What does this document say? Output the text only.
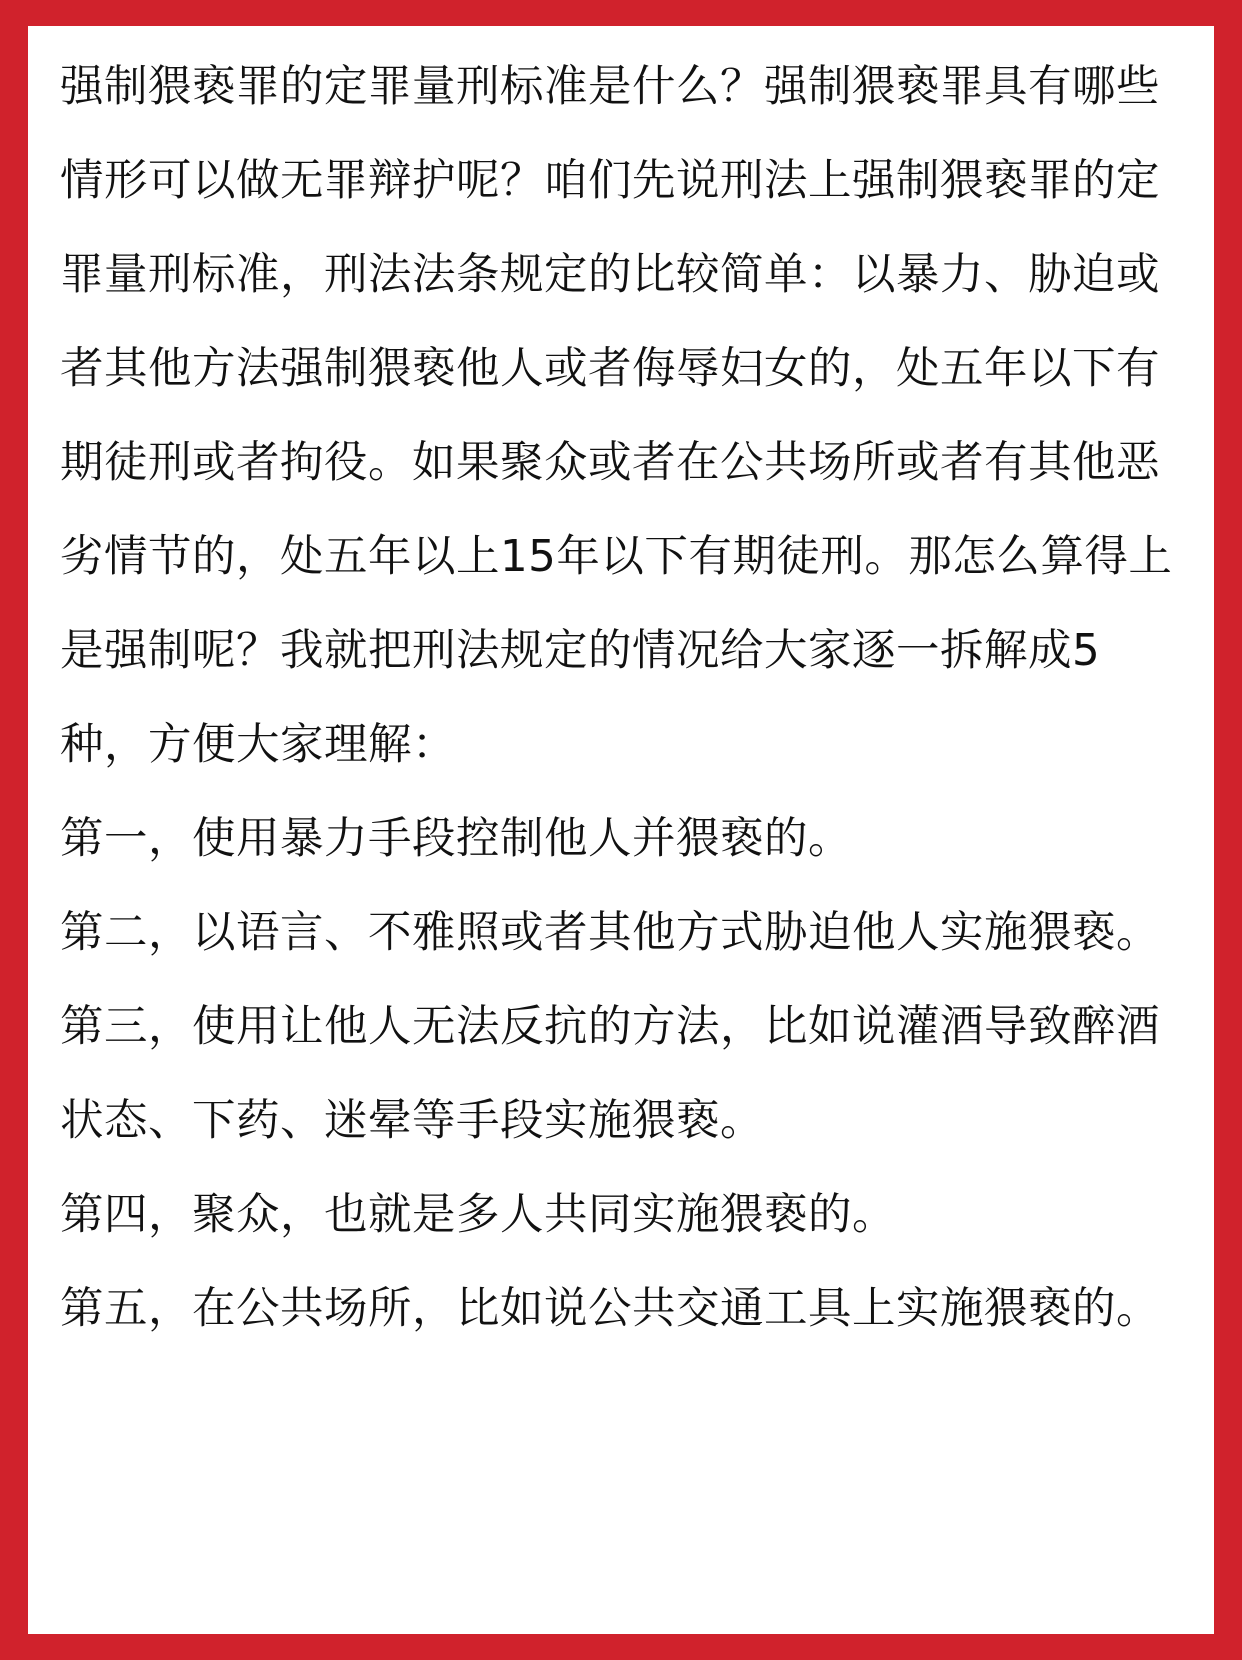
强制猥亵罪的定罪量刑标准是什么？强制猥亵罪具有哪些情形可以做无罪辩护呢？咱们先说刑法上强制猥亵罪的定罪量刑标准，刑法法条规定的比较简单：以暴力、胁迫或者其他方法强制猥亵他人或者侮辱妇女的，处五年以下有期徒刑或者拘役。如果聚众或者在公共场所或者有其他恶劣情节的，处五年以上15年以下有期徒刑。那怎么算得上是强制呢？我就把刑法规定的情况给大家逐一拆解成5种，方便大家理解：

第一，使用暴力手段控制他人并猥亵的。

第二，以语言、不雅照或者其他方式胁迫他人实施猥亵。

第三，使用让他人无法反抗的方法，比如说灌酒导致醉酒状态、下药、迷晕等手段实施猥亵。

第四，聚众，也就是多人共同实施猥亵的。

第五，在公共场所，比如说公共交通工具上实施猥亵的。
